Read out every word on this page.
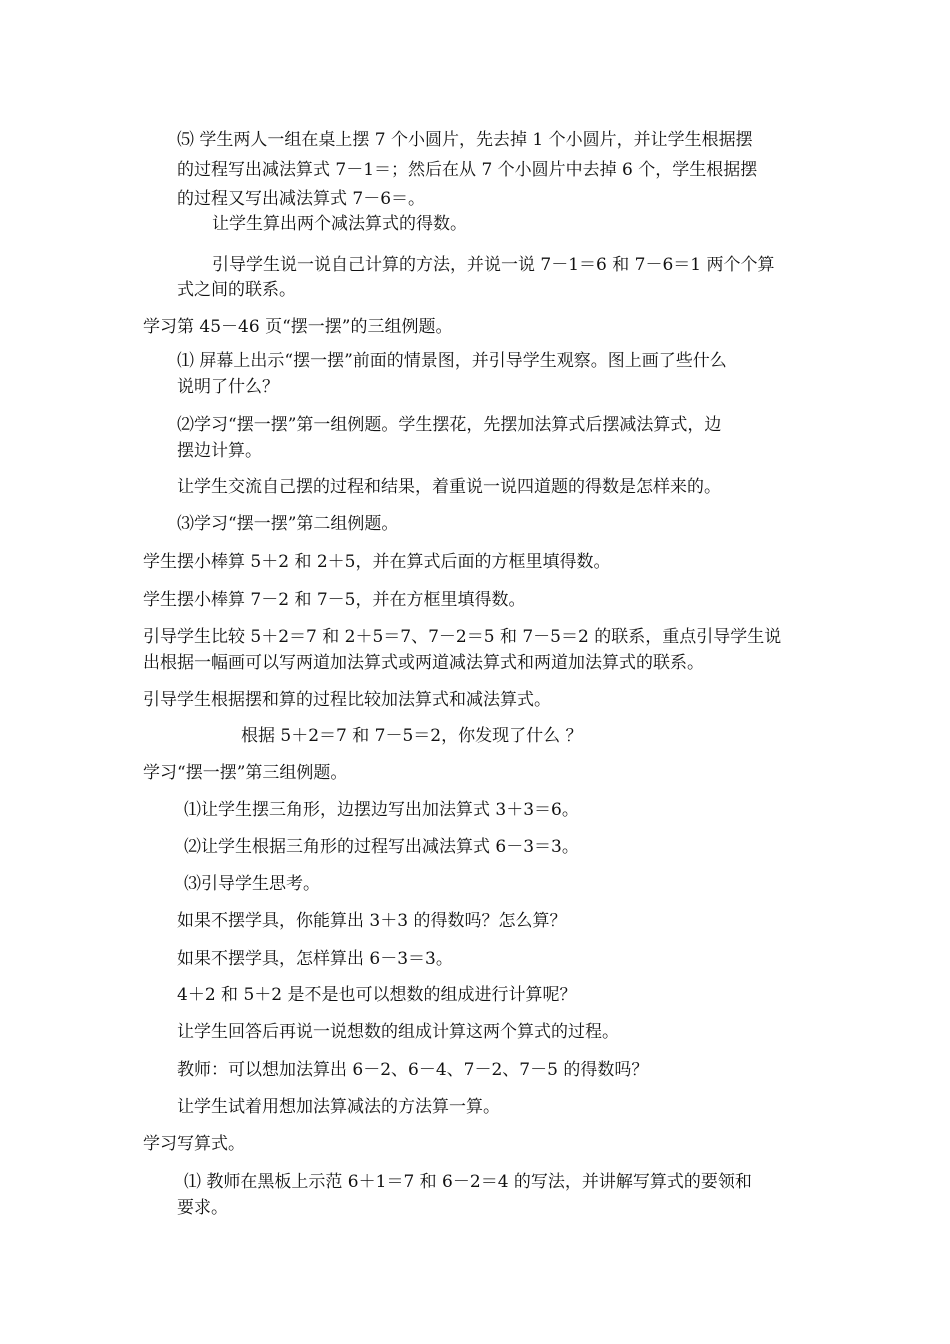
⑸ 学生两人一组在桌上摆 7 个小圆片，先去掉 1 个小圆片，并让学生根据摆

的过程写出减法算式 7－1＝；然后在从 7 个小圆片中去掉 6 个，学生根据摆

的过程又写出减法算式 7－6＝。

让学生算出两个减法算式的得数。

引导学生说一说自己计算的方法，并说一说 7－1＝6 和 7－6＝1 两个个算

式之间的联系。

学习第 45－46 页“摆一摆”的三组例题。

⑴ 屏幕上出示“摆一摆”前面的情景图，并引导学生观察。图上画了些什么

说明了什么？

⑵学习“摆一摆”第一组例题。学生摆花，先摆加法算式后摆减法算式，边

摆边计算。

让学生交流自己摆的过程和结果，着重说一说四道题的得数是怎样来的。

⑶学习“摆一摆”第二组例题。

学生摆小棒算 5＋2 和 2＋5，并在算式后面的方框里填得数。

学生摆小棒算 7－2 和 7－5，并在方框里填得数。

引导学生比较 5＋2＝7 和 2＋5＝7、7－2＝5 和 7－5＝2 的联系，重点引导学生说

出根据一幅画可以写两道加法算式或两道减法算式和两道加法算式的联系。

引导学生根据摆和算的过程比较加法算式和减法算式。

根据 5＋2＝7 和 7－5＝2，你发现了什么 ？

学习“摆一摆”第三组例题。

⑴让学生摆三角形，边摆边写出加法算式 3＋3＝6。

⑵让学生根据三角形的过程写出减法算式 6－3＝3。

⑶引导学生思考。

如果不摆学具，你能算出 3＋3 的得数吗？怎么算？

如果不摆学具，怎样算出 6－3＝3。

4＋2 和 5＋2 是不是也可以想数的组成进行计算呢？

让学生回答后再说一说想数的组成计算这两个算式的过程。

教师：可以想加法算出 6－2、6－4、7－2、7－5 的得数吗？

让学生试着用想加法算减法的方法算一算。

学习写算式。

⑴ 教师在黑板上示范 6＋1＝7 和 6－2＝4 的写法，并讲解写算式的要领和

要求。
